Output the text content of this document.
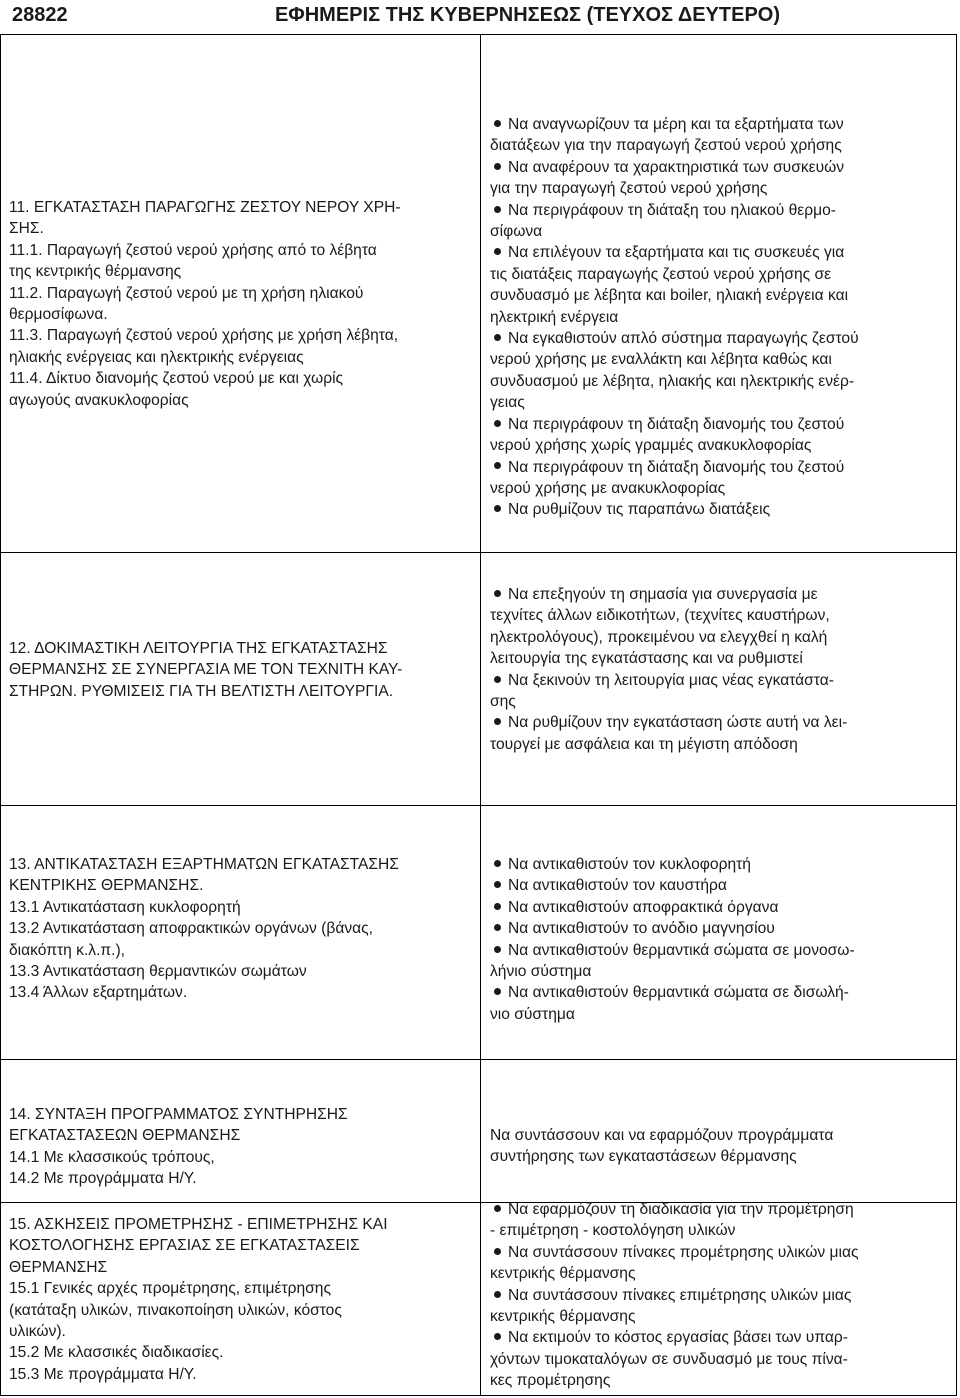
28822	ΕΦΗΜΕΡΙΣ ΤΗΣ ΚΥΒΕΡΝΗΣΕΩΣ (ΤΕΥΧΟΣ ΔΕΥΤΕΡΟ)
11. ΕΓΚΑΤΑΣΤΑΣΗ ΠΑΡΑΓΩΓΗΣ ΖΕΣΤΟΥ ΝΕΡΟΥ ΧΡΗ-
ΣΗΣ.
11.1. Παραγωγή ζεστού νερού χρήσης από το λέβητα
της κεντρικής θέρμανσης
11.2. Παραγωγή ζεστού νερού με τη χρήση ηλιακού
θερμοσίφωνα.
11.3. Παραγωγή ζεστού νερού χρήσης με χρήση λέβητα,
ηλιακής ενέργειας και ηλεκτρικής ενέργειας
11.4. Δίκτυο διανομής ζεστού νερού με και χωρίς
αγωγούς ανακυκλοφορίας
Να αναγνωρίζουν τα μέρη και τα εξαρτήματα των
διατάξεων για την παραγωγή ζεστού νερού χρήσης
Να αναφέρουν τα χαρακτηριστικά των συσκευών
για την παραγωγή ζεστού νερού χρήσης
Να περιγράφουν τη διάταξη του ηλιακού θερμο-
σίφωνα
Να επιλέγουν τα εξαρτήματα και τις συσκευές για
τις διατάξεις παραγωγής ζεστού νερού χρήσης σε
συνδυασμό με λέβητα και boiler, ηλιακή ενέργεια και
ηλεκτρική ενέργεια
Να εγκαθιστούν απλό σύστημα παραγωγής ζεστού
νερού χρήσης με εναλλάκτη και λέβητα καθώς και
συνδυασμού με λέβητα, ηλιακής και ηλεκτρικής ενέρ-
γειας
Να περιγράφουν τη διάταξη διανομής του ζεστού
νερού χρήσης χωρίς γραμμές ανακυκλοφορίας
Να περιγράφουν τη διάταξη διανομής του ζεστού
νερού χρήσης με ανακυκλοφορίας
Να ρυθμίζουν τις παραπάνω διατάξεις
12. ΔΟΚΙΜΑΣΤΙΚΗ ΛΕΙΤΟΥΡΓΙΑ ΤΗΣ ΕΓΚΑΤΑΣΤΑΣΗΣ
ΘΕΡΜΑΝΣΗΣ ΣΕ ΣΥΝΕΡΓΑΣΙΑ ΜΕ ΤΟΝ ΤΕΧΝΙΤΗ ΚΑΥ-
ΣΤΗΡΩΝ. ΡΥΘΜΙΣΕΙΣ ΓΙΑ ΤΗ ΒΕΛΤΙΣΤΗ ΛΕΙΤΟΥΡΓΙΑ.
Να επεξηγούν τη σημασία για συνεργασία με
τεχνίτες άλλων ειδικοτήτων, (τεχνίτες καυστήρων,
ηλεκτρολόγους), προκειμένου να ελεγχθεί η καλή
λειτουργία της εγκατάστασης και να ρυθμιστεί
Να ξεκινούν τη λειτουργία μιας νέας εγκατάστα-
σης
Να ρυθμίζουν την εγκατάσταση ώστε αυτή να λει-
τουργεί με ασφάλεια και τη μέγιστη απόδοση
13. ΑΝΤΙΚΑΤΑΣΤΑΣΗ ΕΞΑΡΤΗΜΑΤΩΝ ΕΓΚΑΤΑΣΤΑΣΗΣ
ΚΕΝΤΡΙΚΗΣ ΘΕΡΜΑΝΣΗΣ.
13.1 Αντικατάσταση κυκλοφορητή
13.2 Αντικατάσταση αποφρακτικών οργάνων (βάνας,
διακόπτη κ.λ.π.),
13.3 Αντικατάσταση θερμαντικών σωμάτων
13.4 Άλλων εξαρτημάτων.
Να αντικαθιστούν τον κυκλοφορητή
Να αντικαθιστούν τον καυστήρα
Να αντικαθιστούν αποφρακτικά όργανα
Να αντικαθιστούν το ανόδιο μαγνησίου
Να αντικαθιστούν θερμαντικά σώματα σε μονοσω-
λήνιο σύστημα
Να αντικαθιστούν θερμαντικά σώματα σε δισωλή-
νιο σύστημα
14. ΣΥΝΤΑΞΗ ΠΡΟΓΡΑΜΜΑΤΟΣ ΣΥΝΤΗΡΗΣΗΣ
ΕΓΚΑΤΑΣΤΑΣΕΩΝ ΘΕΡΜΑΝΣΗΣ
14.1 Με κλασσικούς τρόπους,
14.2 Με προγράμματα Η/Υ.
Να συντάσσουν και να εφαρμόζουν προγράμματα
συντήρησης των εγκαταστάσεων θέρμανσης
15. ΑΣΚΗΣΕΙΣ ΠΡΟΜΕΤΡΗΣΗΣ - ΕΠΙΜΕΤΡΗΣΗΣ ΚΑΙ
ΚΟΣΤΟΛΟΓΗΣΗΣ ΕΡΓΑΣΙΑΣ ΣΕ ΕΓΚΑΤΑΣΤΑΣΕΙΣ
ΘΕΡΜΑΝΣΗΣ
15.1 Γενικές αρχές προμέτρησης, επιμέτρησης
(κατάταξη υλικών, πινακοποίηση υλικών, κόστος
υλικών).
15.2 Με κλασσικές διαδικασίες.
15.3 Με προγράμματα Η/Υ.
Να εφαρμόζουν τη διαδικασία για την προμέτρηση
- επιμέτρηση - κοστολόγηση υλικών
Να συντάσσουν πίνακες προμέτρησης υλικών μιας
κεντρικής θέρμανσης
Να συντάσσουν πίνακες επιμέτρησης υλικών μιας
κεντρικής θέρμανσης
Να εκτιμούν το κόστος εργασίας βάσει των υπαρ-
χόντων τιμοκαταλόγων σε συνδυασμό με τους πίνα-
κες προμέτρησης
